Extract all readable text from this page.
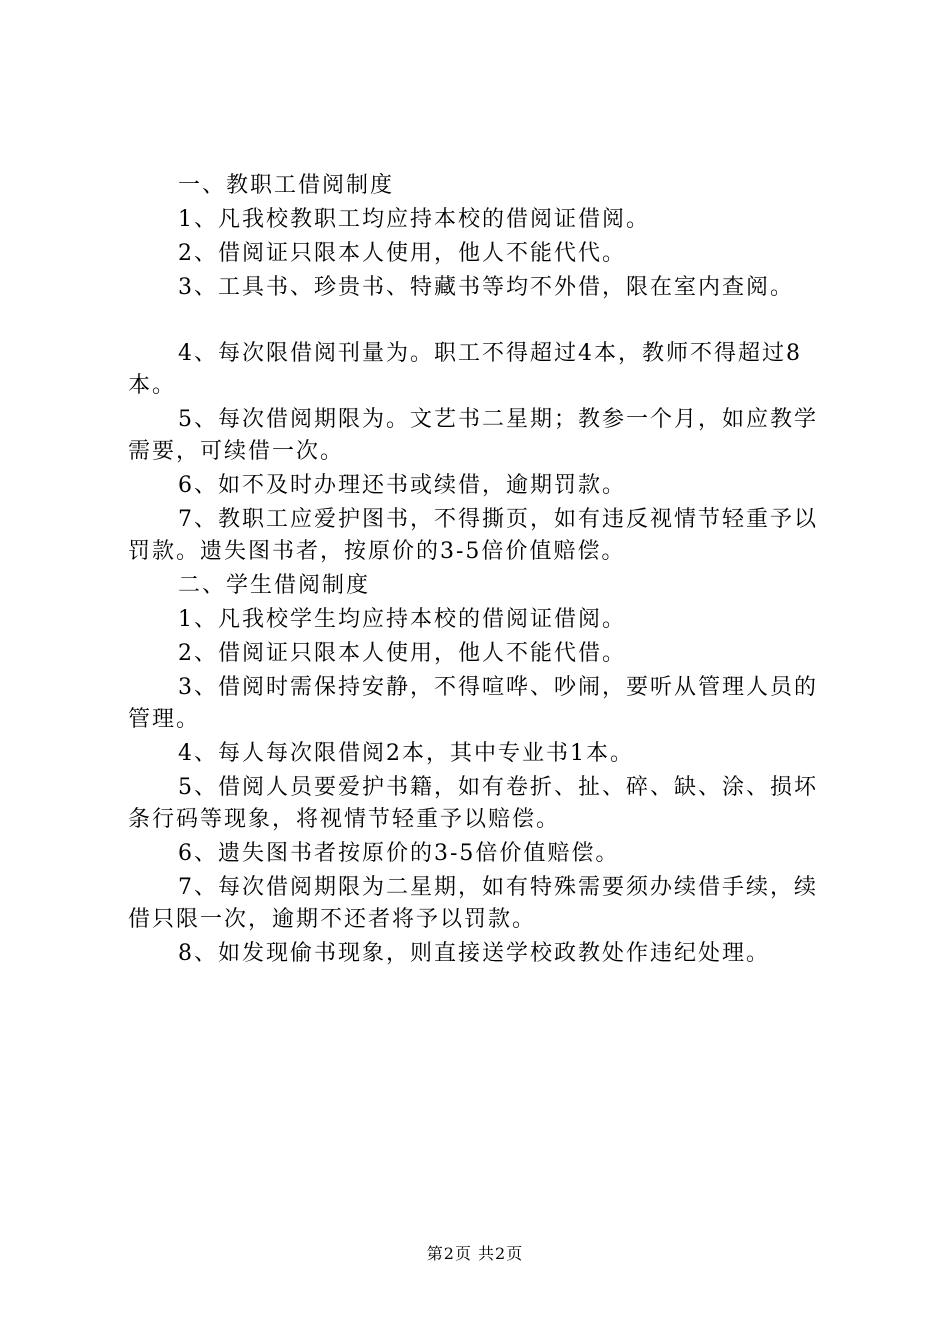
一、教职工借阅制度

1、凡我校教职工均应持本校的借阅证借阅。

2、借阅证只限本人使用，他人不能代代。

3、工具书、珍贵书、特藏书等均不外借，限在室内查阅。

4、每次限借阅刊量为。职工不得超过4本，教师不得超过8本。

5、每次借阅期限为。文艺书二星期；教参一个月，如应教学需要，可续借一次。

6、如不及时办理还书或续借，逾期罚款。

7、教职工应爱护图书，不得撕页，如有违反视情节轻重予以罚款。遗失图书者，按原价的3-5倍价值赔偿。

二、学生借阅制度

1、凡我校学生均应持本校的借阅证借阅。

2、借阅证只限本人使用，他人不能代借。

3、借阅时需保持安静，不得喧哗、吵闹，要听从管理人员的管理。

4、每人每次限借阅2本，其中专业书1本。

5、借阅人员要爱护书籍，如有卷折、扯、碎、缺、涂、损坏条行码等现象，将视情节轻重予以赔偿。

6、遗失图书者按原价的3-5倍价值赔偿。

7、每次借阅期限为二星期，如有特殊需要须办续借手续，续借只限一次，逾期不还者将予以罚款。

8、如发现偷书现象，则直接送学校政教处作违纪处理。

第2页 共2页
